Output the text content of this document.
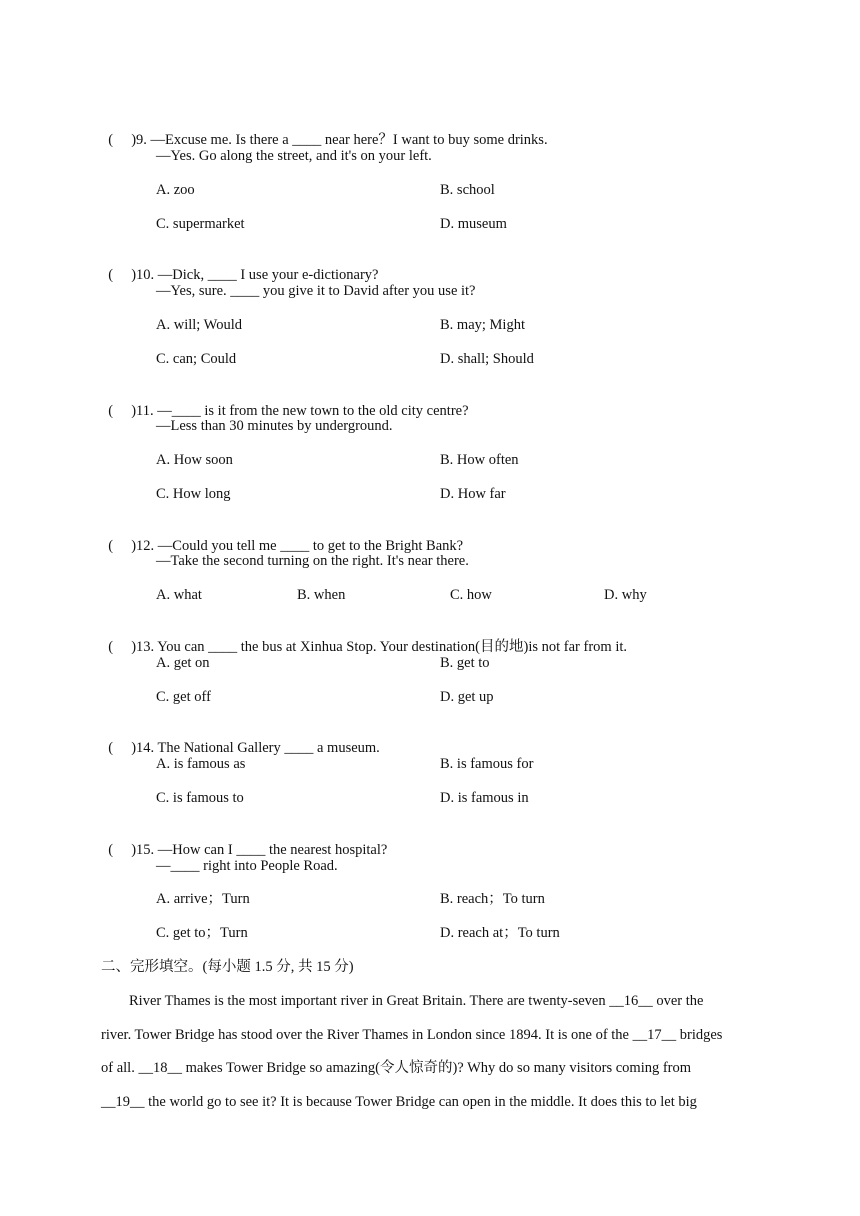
(     )9. —Excuse me. Is there a ____ near here？I want to buy some drinks.

—Yes. Go along the street, and it's on your left.
A. zoo	B. school
C. supermarket	D. museum

(     )10. —Dick, ____ I use your e-dictionary?

—Yes, sure. ____ you give it to David after you use it?
A. will; Would	B. may; Might
C. can; Could	D. shall; Should

(     )11. —____ is it from the new town to the old city centre?

—Less than 30 minutes by underground.
A. How soon	B. How often
C. How long	D. How far

(     )12. —Could you tell me ____ to get to the Bright Bank?

—Take the second turning on the right. It's near there.
A. what	B. when	C. how	D. why

(     )13. You can ____ the bus at Xinhua Stop. Your destination(目的地)is not far from it.

A. get on	B. get to
C. get off	D. get up

(     )14. The National Gallery ____ a museum.

A. is famous as	B. is famous for
C. is famous to	D. is famous in

(     )15. —How can I ____ the nearest hospital?

—____ right into People Road.
A. arrive；Turn	B. reach；To turn
C. get to；Turn	D. reach at；To turn
二、完形填空。(每小题 1.5 分, 共 15 分)
River Thames is the most important river in Great Britain. There are twenty-seven __16__ over the
river. Tower Bridge has stood over the River Thames in London since 1894. It is one of the __17__ bridges
of all. __18__ makes Tower Bridge so amazing(令人惊奇的)? Why do so many visitors coming from
__19__ the world go to see it? It is because Tower Bridge can open in the middle. It does this to let big
